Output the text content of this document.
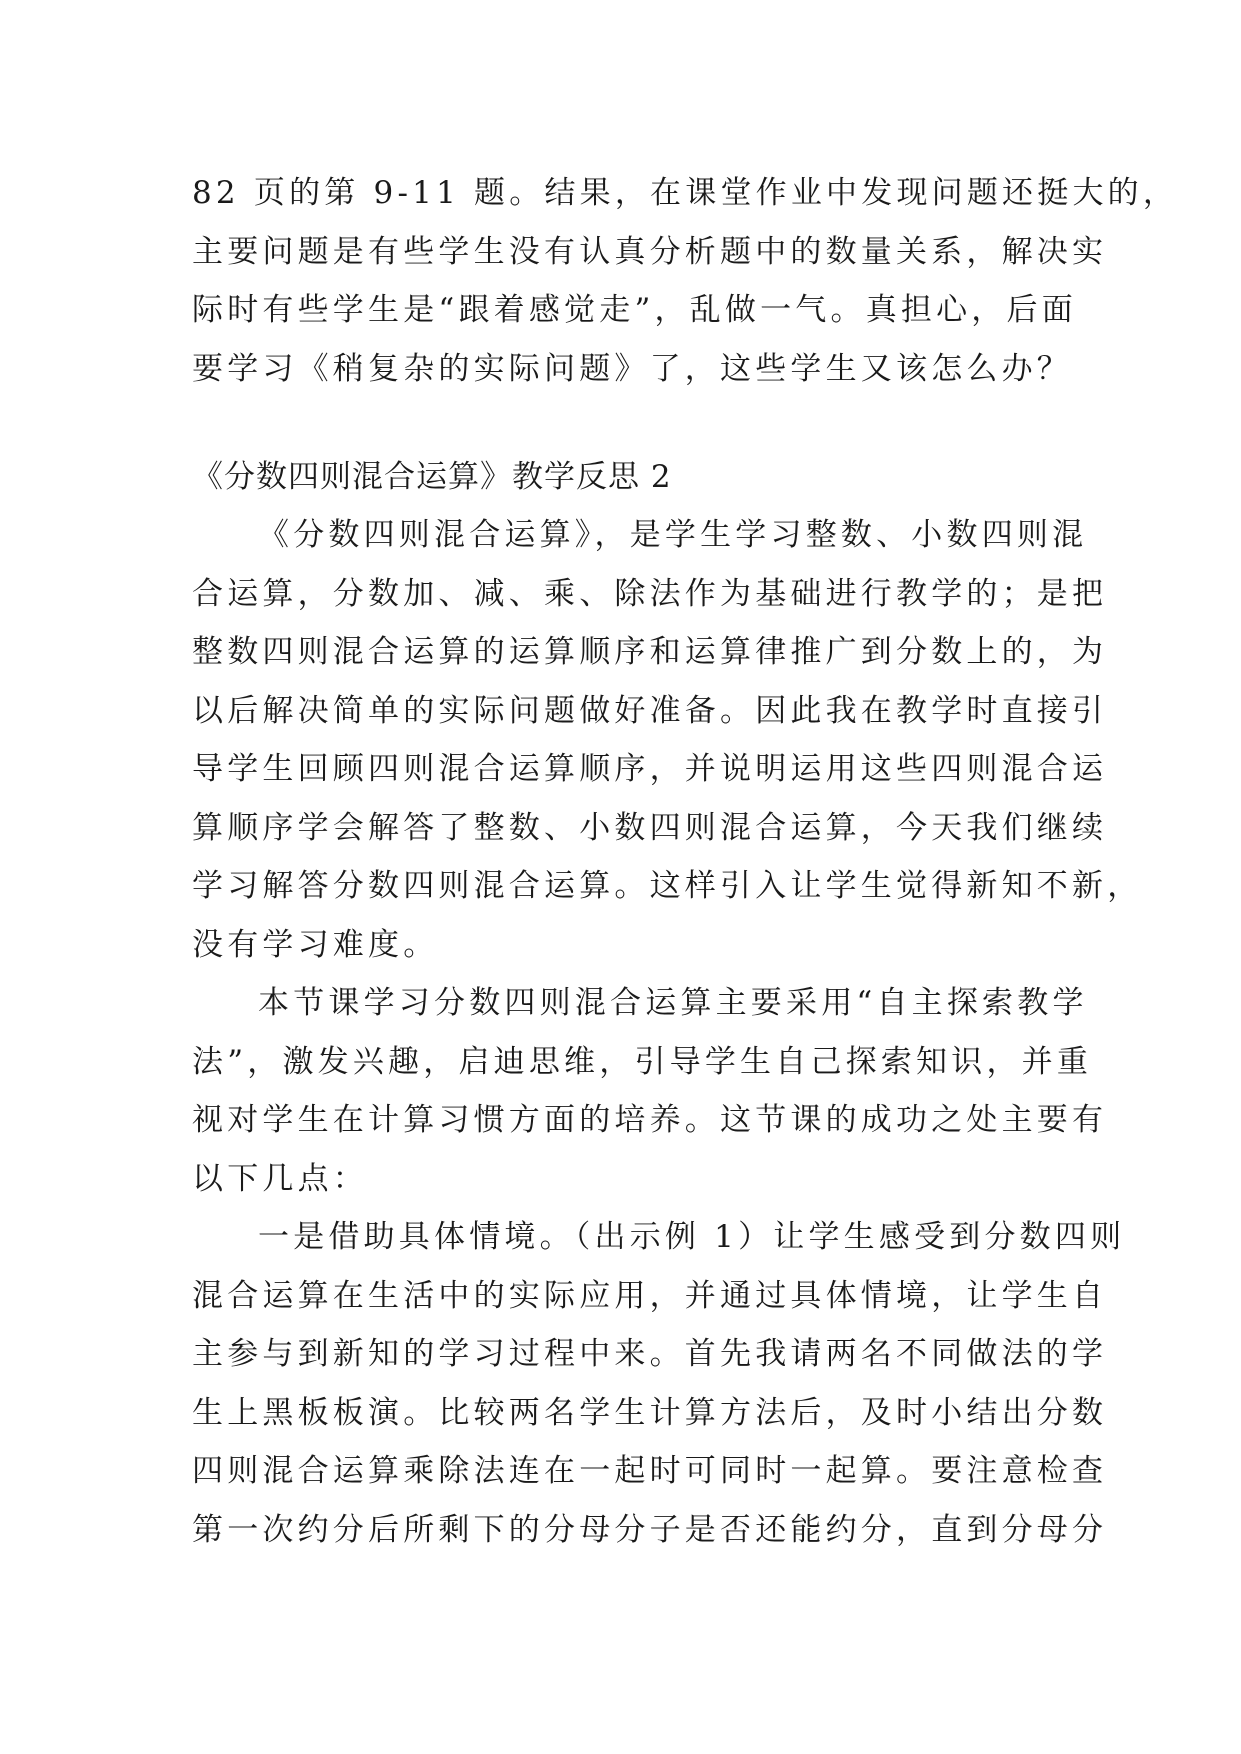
82 页的第 9-11 题。结果，在课堂作业中发现问题还挺大的，
主要问题是有些学生没有认真分析题中的数量关系，解决实
际时有些学生是“跟着感觉走”，乱做一气。真担心，后面
要学习《稍复杂的实际问题》了，这些学生又该怎么办？
《分数四则混合运算》教学反思 2
《分数四则混合运算》，是学生学习整数、小数四则混
合运算，分数加、减、乘、除法作为基础进行教学的；是把
整数四则混合运算的运算顺序和运算律推广到分数上的，为
以后解决简单的实际问题做好准备。因此我在教学时直接引
导学生回顾四则混合运算顺序，并说明运用这些四则混合运
算顺序学会解答了整数、小数四则混合运算，今天我们继续
学习解答分数四则混合运算。这样引入让学生觉得新知不新，
没有学习难度。
本节课学习分数四则混合运算主要采用“自主探索教学
法”，激发兴趣，启迪思维，引导学生自己探索知识，并重
视对学生在计算习惯方面的培养。这节课的成功之处主要有
以下几点：
一是借助具体情境。（出示例 1）让学生感受到分数四则
混合运算在生活中的实际应用，并通过具体情境，让学生自
主参与到新知的学习过程中来。首先我请两名不同做法的学
生上黑板板演。比较两名学生计算方法后，及时小结出分数
四则混合运算乘除法连在一起时可同时一起算。要注意检查
第一次约分后所剩下的分母分子是否还能约分，直到分母分
